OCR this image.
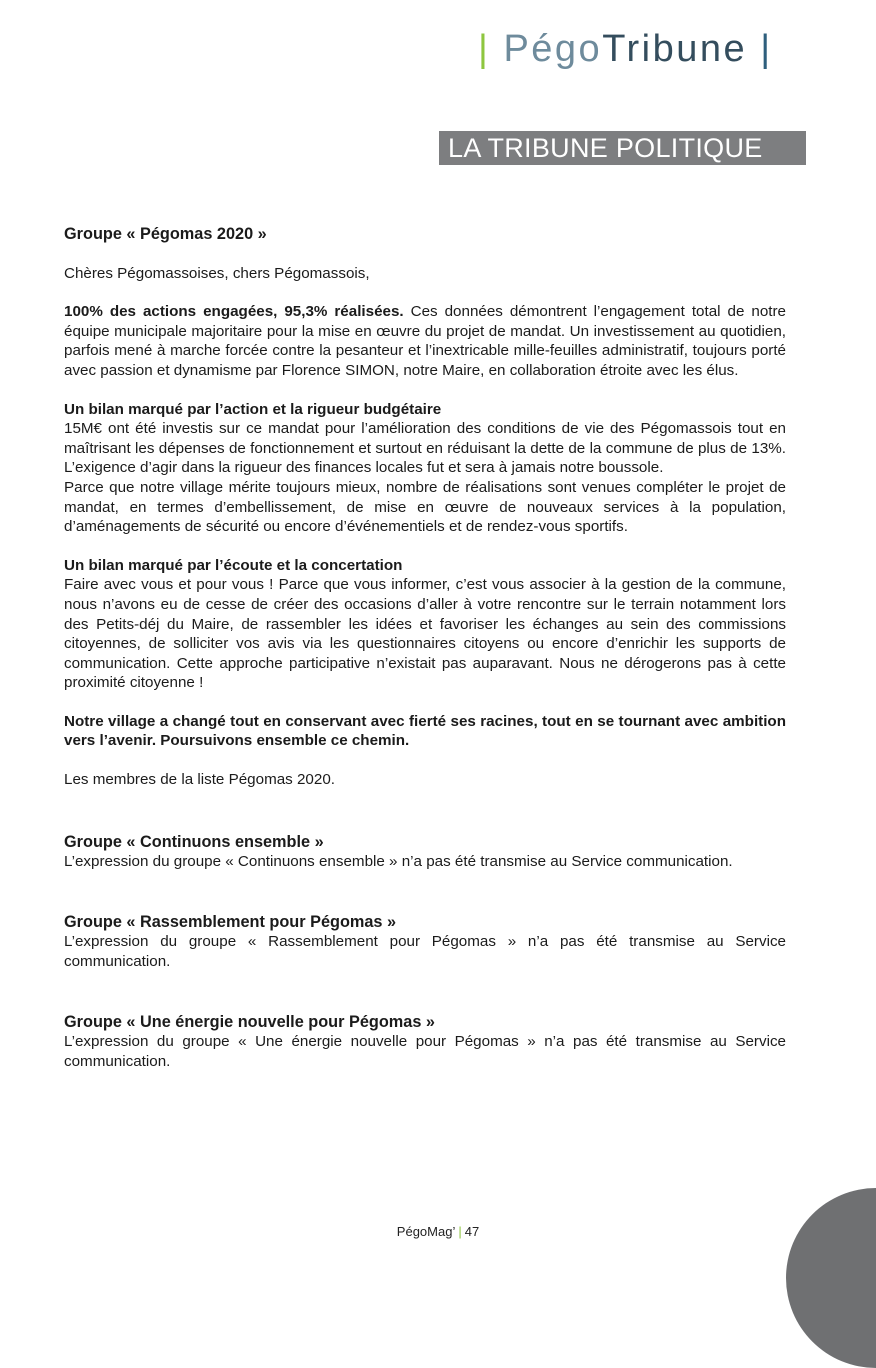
| PégoTribune |
LA TRIBUNE POLITIQUE

Groupe « Pégomas 2020 »

Chères Pégomassoises, chers Pégomassois,

100% des actions engagées, 95,3% réalisées. Ces données démontrent l’engagement total de notre équipe municipale majoritaire pour la mise en œuvre du projet de mandat. Un investissement au quotidien, parfois mené à marche forcée contre la pesanteur et l’inextricable mille-feuilles administratif, toujours porté avec passion et dynamisme par Florence SIMON, notre Maire, en collaboration étroite avec les élus.

Un bilan marqué par l’action et la rigueur budgétaire

15M€ ont été investis sur ce mandat pour l’amélioration des conditions de vie des Pégomassois tout en maîtrisant les dépenses de fonctionnement et surtout en réduisant la dette de la commune de plus de 13%. L’exigence d’agir dans la rigueur des finances locales fut et sera à jamais notre boussole.

Parce que notre village mérite toujours mieux, nombre de réalisations sont venues compléter le projet de mandat, en termes d’embellissement, de mise en œuvre de nouveaux services à la population, d’aménagements de sécurité ou encore d’événementiels et de rendez-vous sportifs.

Un bilan marqué par l’écoute et la concertation

Faire avec vous et pour vous ! Parce que vous informer, c’est vous associer à la gestion de la commune, nous n’avons eu de cesse de créer des occasions d’aller à votre rencontre sur le terrain notamment lors des Petits-déj du Maire, de rassembler les idées et favoriser les échanges au sein des commissions citoyennes, de solliciter vos avis via les questionnaires citoyens ou encore d’enrichir les supports de communication. Cette approche participative n’existait pas auparavant. Nous ne dérogerons pas à cette proximité citoyenne !

Notre village a changé tout en conservant avec fierté ses racines, tout en se tournant avec ambition vers l’avenir. Poursuivons ensemble ce chemin.

Les membres de la liste Pégomas 2020.

Groupe « Continuons ensemble »

L’expression du groupe « Continuons ensemble » n’a pas été transmise au Service communication.

Groupe « Rassemblement pour Pégomas »

L’expression du groupe « Rassemblement pour Pégomas » n’a pas été transmise au Service communication.

Groupe « Une énergie nouvelle pour Pégomas »

L’expression du groupe « Une énergie nouvelle pour Pégomas » n’a pas été transmise au Service communication.

PégoMag’ | 47
